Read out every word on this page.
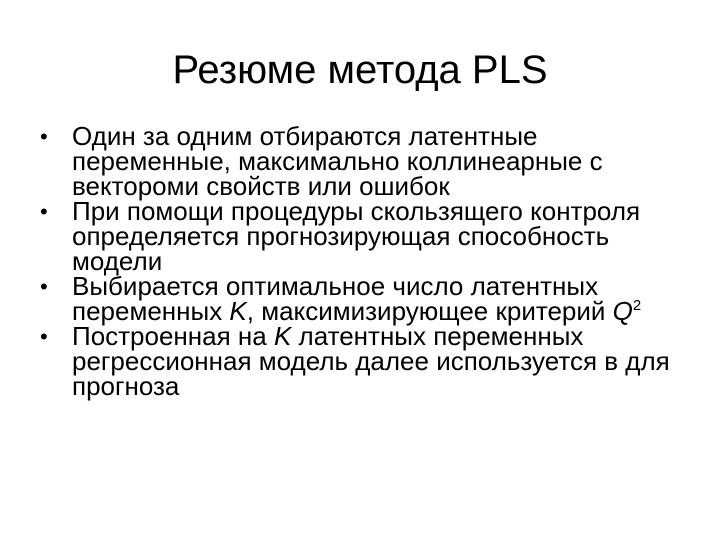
Резюме метода PLS
• Один за одним отбираются латентные переменные, максимально коллинеарные с вектороми свойств или ошибок
• При помощи процедуры скользящего контроля определяется прогнозирующая способность модели
• Выбирается оптимальное число латентных переменных K, максимизирующее критерий $Q^2$
• Построенная на K латентных переменных регрессионная модель далее используется в для прогноза
